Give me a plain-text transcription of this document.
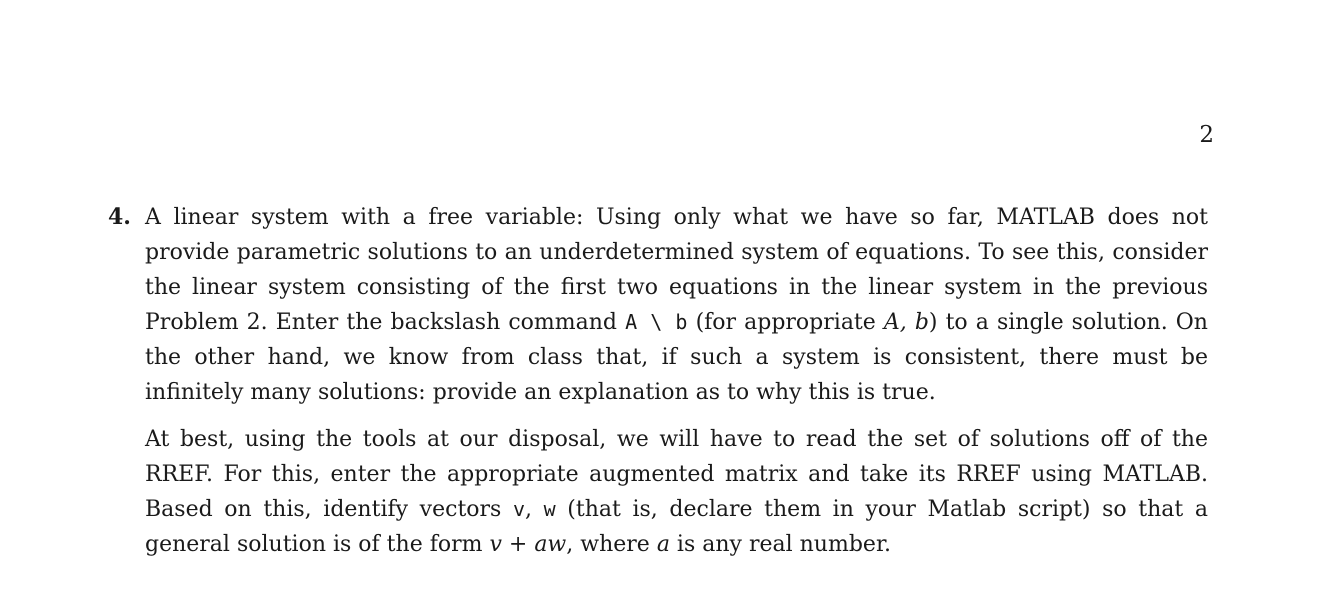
2
4. A linear system with a free variable: Using only what we have so far, MATLAB does not provide parametric solutions to an underdetermined system of equations. To see this, consider the linear system consisting of the first two equations in the linear system in the previous Problem 2. Enter the backslash command A \ b (for appropriate A, b) to a single solution. On the other hand, we know from class that, if such a system is consistent, there must be infinitely many solutions: provide an explanation as to why this is true.

At best, using the tools at our disposal, we will have to read the set of solutions off of the RREF. For this, enter the appropriate augmented matrix and take its RREF using MATLAB. Based on this, identify vectors v, w (that is, declare them in your Matlab script) so that a general solution is of the form v + aw, where a is any real number.
